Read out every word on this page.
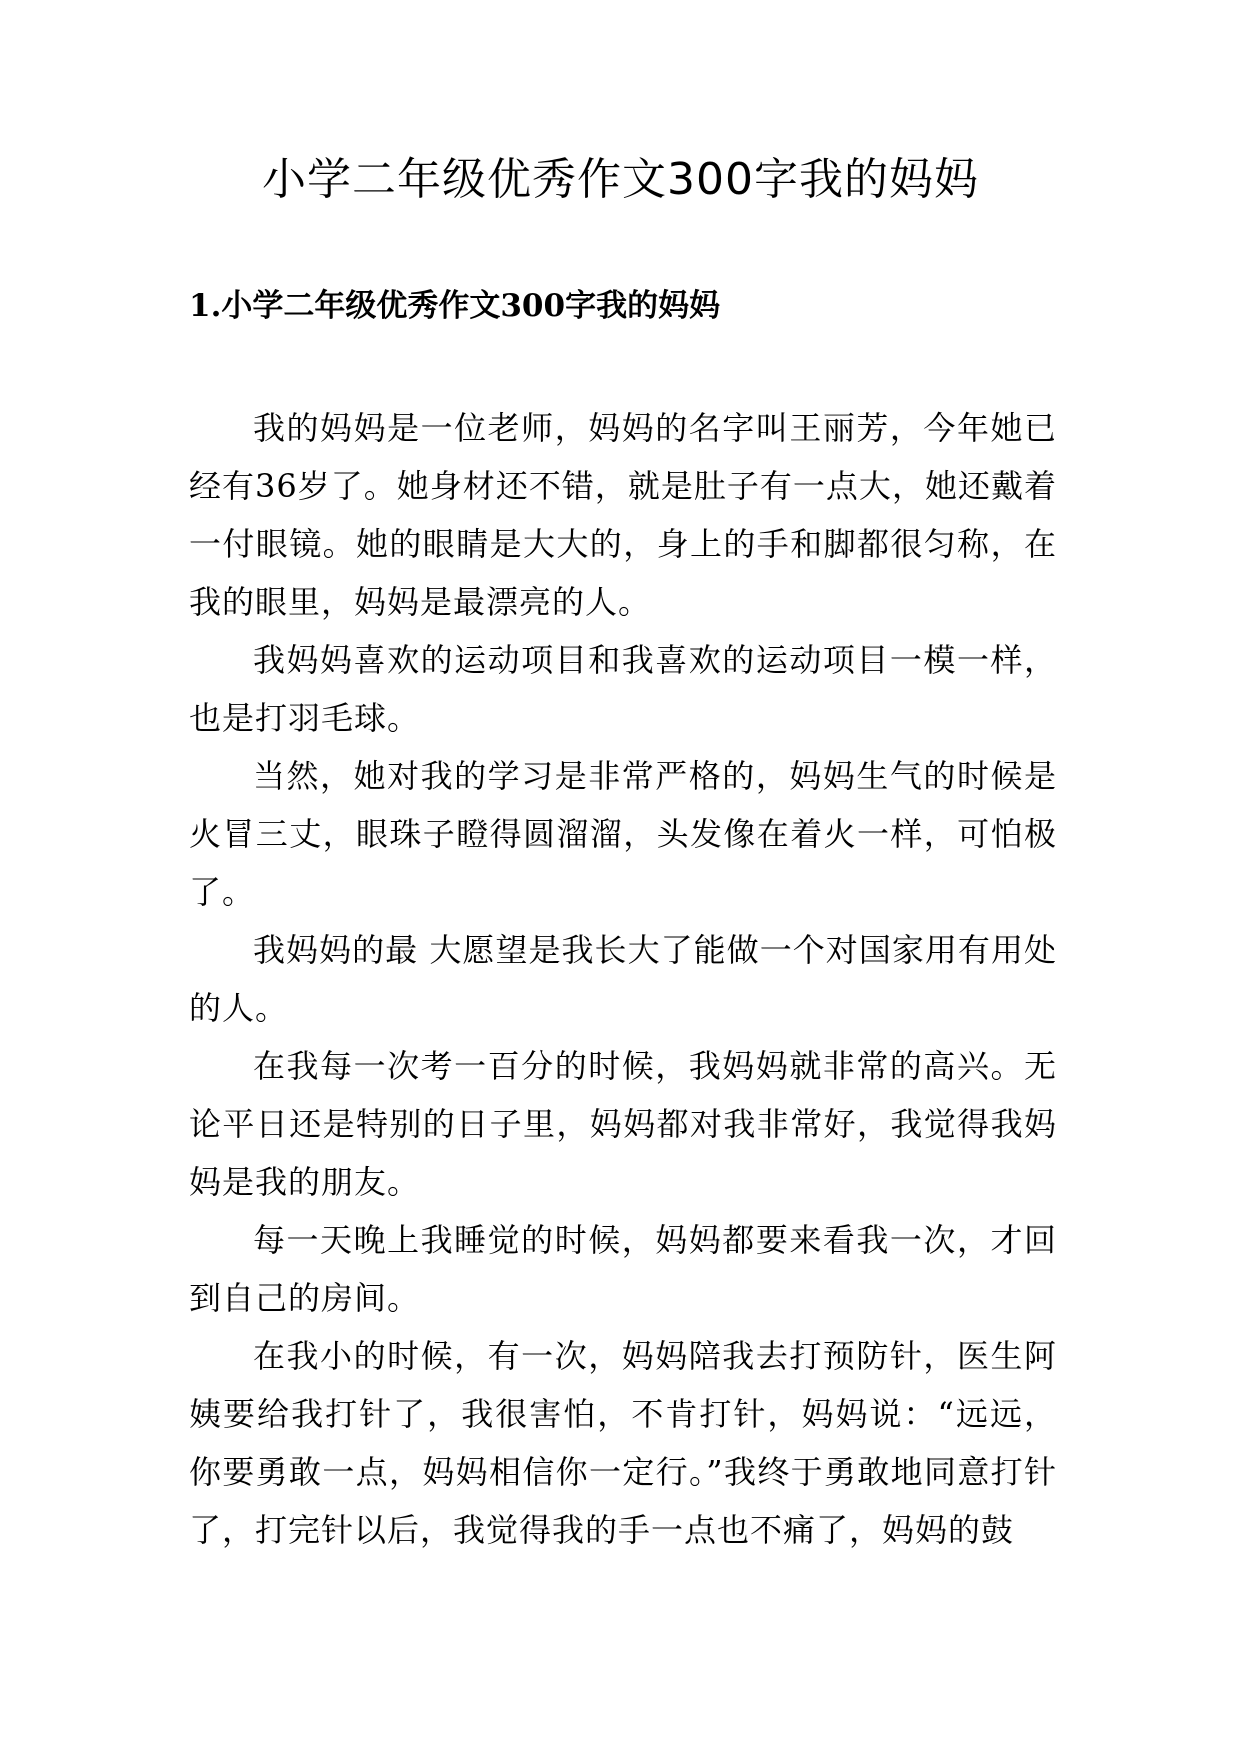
小学二年级优秀作文300字我的妈妈
1.小学二年级优秀作文300字我的妈妈

我的妈妈是一位老师，妈妈的名字叫王丽芳，今年她已经有36岁了。她身材还不错，就是肚子有一点大，她还戴着一付眼镜。她的眼睛是大大的，身上的手和脚都很匀称，在我的眼里，妈妈是最漂亮的人。

我妈妈喜欢的运动项目和我喜欢的运动项目一模一样，也是打羽毛球。

当然，她对我的学习是非常严格的，妈妈生气的时候是火冒三丈，眼珠子瞪得圆溜溜，头发像在着火一样，可怕极了。

我妈妈的最 大愿望是我长大了能做一个对国家用有用处的人。

在我每一次考一百分的时候，我妈妈就非常的高兴。无论平日还是特别的日子里，妈妈都对我非常好，我觉得我妈妈是我的朋友。

每一天晚上我睡觉的时候，妈妈都要来看我一次，才回到自己的房间。

在我小的时候，有一次，妈妈陪我去打预防针，医生阿姨要给我打针了，我很害怕，不肯打针，妈妈说：“远远，你要勇敢一点，妈妈相信你一定行。”我终于勇敢地同意打针了，打完针以后，我觉得我的手一点也不痛了，妈妈的鼓
